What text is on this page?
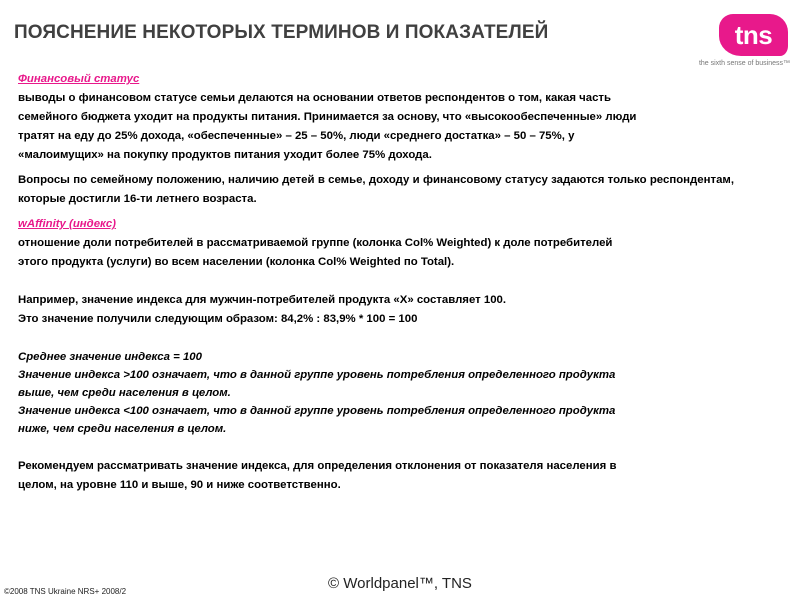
ПОЯСНЕНИЕ НЕКОТОРЫХ ТЕРМИНОВ И ПОКАЗАТЕЛЕЙ	tns
the sixth sense of business™
Финансовый статус
выводы о финансовом статусе семьи делаются на основании ответов респондентов о том, какая часть
семейного бюджета уходит на продукты питания. Принимается за основу, что «высокообеспеченные» люди
тратят на еду до 25% дохода, «обеспеченные» – 25 – 50%, люди «среднего достатка» – 50 – 75%, у
«малоимущих» на покупку продуктов питания уходит более 75% дохода.

Вопросы по семейному положению, наличию детей в семье, доходу и финансовому статусу задаются только респондентам, которые достигли 16-ти летнего возраста.

wAffinity (индекс)
отношение доли потребителей в рассматриваемой группе (колонка Col% Weighted) к доле потребителей
этого продукта (услуги) во всем населении (колонка Col% Weighted по Total).
Например, значение индекса для мужчин-потребителей продукта «X» составляет 100.
Это значение получили следующим образом: 84,2% : 83,9% * 100 = 100
Среднее значение индекса = 100
Значение индекса >100 означает, что в данной группе уровень потребления определенного продукта
выше, чем среди населения в целом.
Значение индекса <100 означает, что в данной группе уровень потребления определенного продукта
ниже, чем среди населения в целом.
Рекомендуем рассматривать значение индекса, для определения отклонения от показателя населения в
целом, на уровне 110 и выше, 90 и ниже соответственно.
©2008 TNS Ukraine NRS+ 2008/2	© Worldpanel™, TNS
